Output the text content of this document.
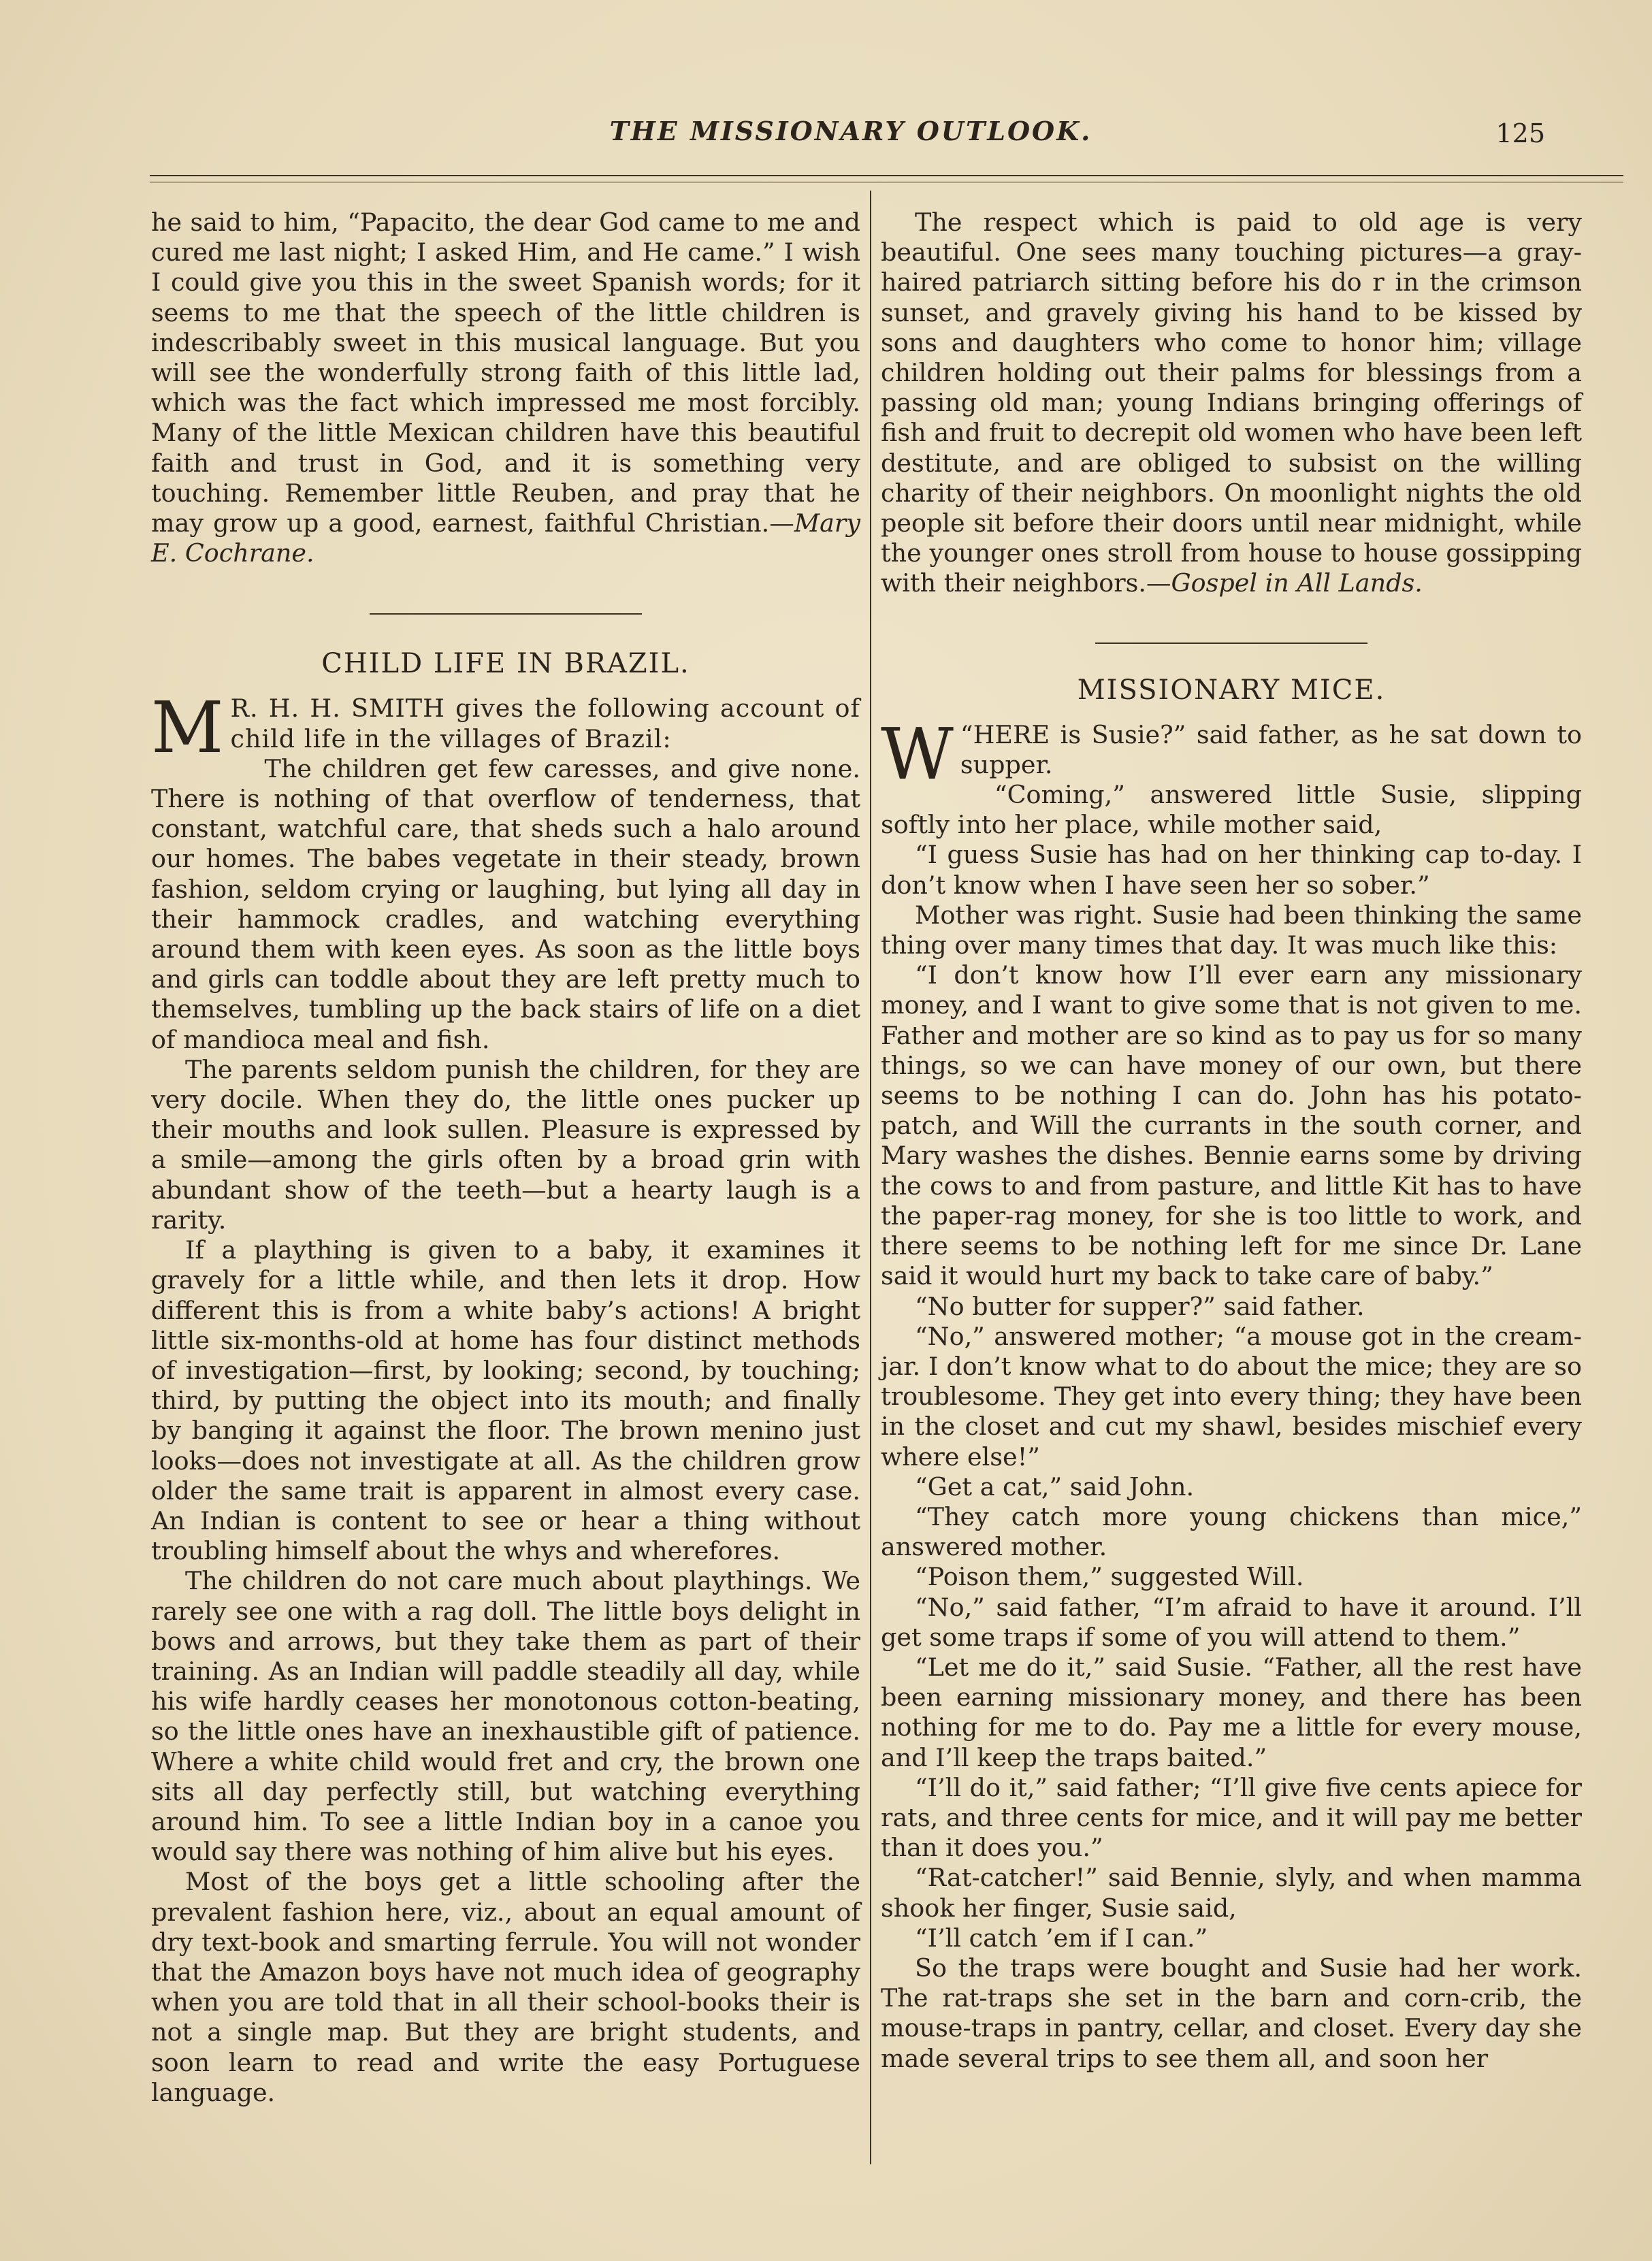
THE MISSIONARY OUTLOOK.	125

he said to him, “Papacito, the dear God came to me and cured me last night; I asked Him, and He came.” I wish I could give you this in the sweet Spanish words; for it seems to me that the speech of the little children is indescribably sweet in this musical language. But you will see the wonderfully strong faith of this little lad, which was the fact which impressed me most forcibly. Many of the little Mexican children have this beautiful faith and trust in God, and it is something very touching. Remember little Reuben, and pray that he may grow up a good, earnest, faithful Christian.—Mary E. Cochrane.

CHILD LIFE IN BRAZIL.

M R. H. H. SMITH gives the following account of child life in the villages of Brazil:

The children get few caresses, and give none. There is nothing of that overflow of tenderness, that constant, watchful care, that sheds such a halo around our homes. The babes vegetate in their steady, brown fashion, seldom crying or laughing, but lying all day in their hammock cradles, and watching everything around them with keen eyes. As soon as the little boys and girls can toddle about they are left pretty much to themselves, tumbling up the back stairs of life on a diet of mandioca meal and fish.

The parents seldom punish the children, for they are very docile. When they do, the little ones pucker up their mouths and look sullen. Pleasure is expressed by a smile—among the girls often by a broad grin with abundant show of the teeth—but a hearty laugh is a rarity.

If a plaything is given to a baby, it examines it gravely for a little while, and then lets it drop. How different this is from a white baby’s actions! A bright little six-months-old at home has four distinct methods of investigation—first, by looking; second, by touching; third, by putting the object into its mouth; and finally by banging it against the floor. The brown menino just looks—does not investigate at all. As the children grow older the same trait is apparent in almost every case. An Indian is content to see or hear a thing without troubling himself about the whys and wherefores.

The children do not care much about playthings. We rarely see one with a rag doll. The little boys delight in bows and arrows, but they take them as part of their training. As an Indian will paddle steadily all day, while his wife hardly ceases her monotonous cotton-beating, so the little ones have an inexhaustible gift of patience. Where a white child would fret and cry, the brown one sits all day perfectly still, but watching everything around him. To see a little Indian boy in a canoe you would say there was nothing of him alive but his eyes.

Most of the boys get a little schooling after the prevalent fashion here, viz., about an equal amount of dry text-book and smarting ferrule. You will not wonder that the Amazon boys have not much idea of geography when you are told that in all their school-books their is not a single map. But they are bright students, and soon learn to read and write the easy Portuguese language.

The respect which is paid to old age is very beautiful. One sees many touching pictures—a gray-haired patriarch sitting before his do r in the crimson sunset, and gravely giving his hand to be kissed by sons and daughters who come to honor him; village children holding out their palms for blessings from a passing old man; young Indians bringing offerings of fish and fruit to decrepit old women who have been left destitute, and are obliged to subsist on the willing charity of their neighbors. On moonlight nights the old people sit before their doors until near midnight, while the younger ones stroll from house to house gossipping with their neighbors.—Gospel in All Lands.

MISSIONARY MICE.

“
W HERE is Susie?” said father, as he sat down to supper.

“Coming,” answered little Susie, slipping softly into her place, while mother said,

“I guess Susie has had on her thinking cap to-day. I don’t know when I have seen her so sober.”

Mother was right. Susie had been thinking the same thing over many times that day. It was much like this:

“I don’t know how I’ll ever earn any missionary money, and I want to give some that is not given to me. Father and mother are so kind as to pay us for so many things, so we can have money of our own, but there seems to be nothing I can do. John has his potato-patch, and Will the currants in the south corner, and Mary washes the dishes. Bennie earns some by driving the cows to and from pasture, and little Kit has to have the paper-rag money, for she is too little to work, and there seems to be nothing left for me since Dr. Lane said it would hurt my back to take care of baby.”

“No butter for supper?” said father.

“No,” answered mother; “a mouse got in the cream-jar. I don’t know what to do about the mice; they are so troublesome. They get into every thing; they have been in the closet and cut my shawl, besides mischief every where else!”

“Get a cat,” said John.

“They catch more young chickens than mice,” answered mother.

“Poison them,” suggested Will.

“No,” said father, “I’m afraid to have it around. I’ll get some traps if some of you will attend to them.”

“Let me do it,” said Susie. “Father, all the rest have been earning missionary money, and there has been nothing for me to do. Pay me a little for every mouse, and I’ll keep the traps baited.”

“I’ll do it,” said father; “I’ll give five cents apiece for rats, and three cents for mice, and it will pay me better than it does you.”

“Rat-catcher!” said Bennie, slyly, and when mamma shook her finger, Susie said,

“I’ll catch ’em if I can.”

So the traps were bought and Susie had her work. The rat-traps she set in the barn and corn-crib, the mouse-traps in pantry, cellar, and closet. Every day she made several trips to see them all, and soon her
